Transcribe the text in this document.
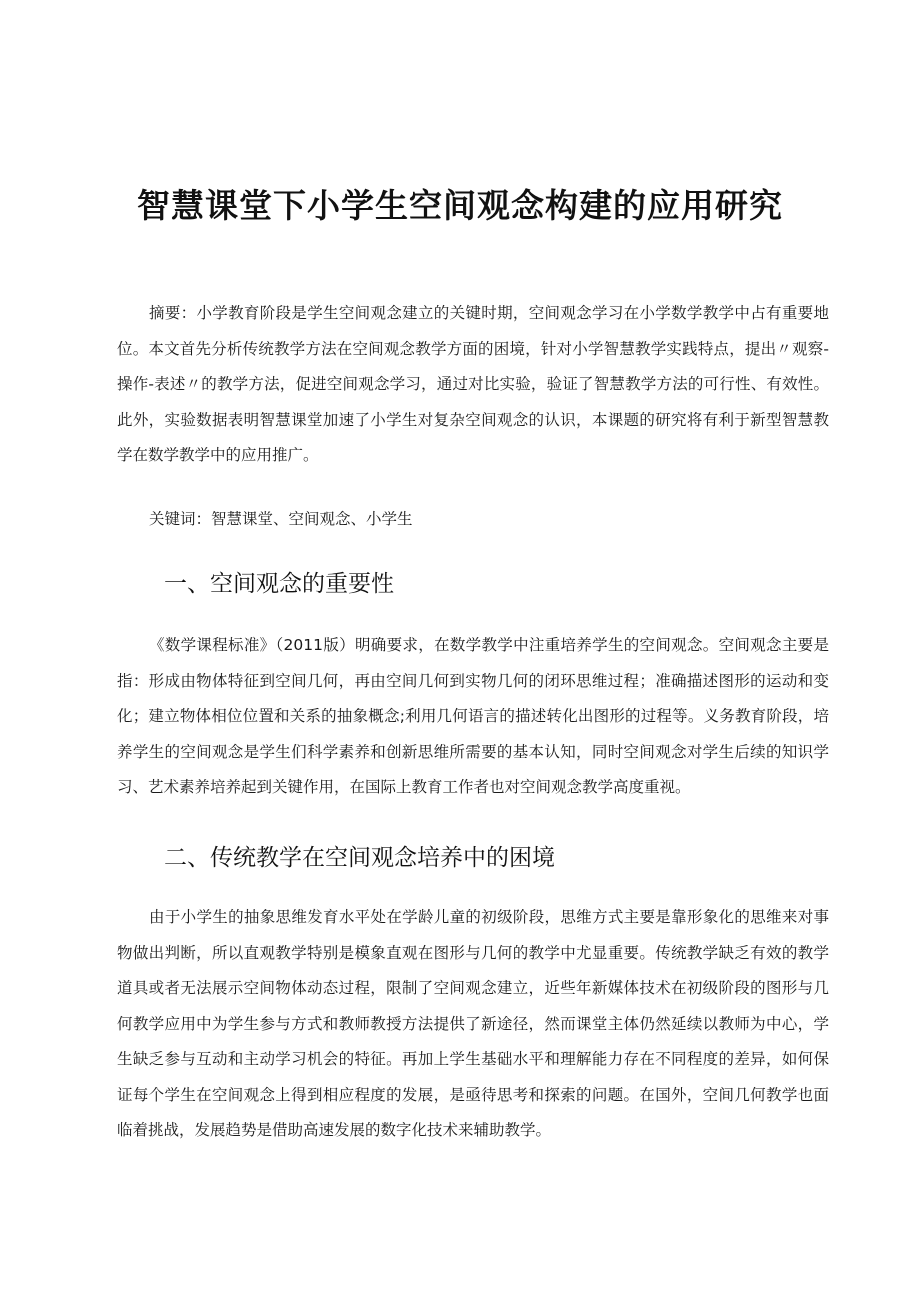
智慧课堂下小学生空间观念构建的应用研究

摘要：小学教育阶段是学生空间观念建立的关键时期，空间观念学习在小学数学教学中占有重要地位。本文首先分析传统教学方法在空间观念教学方面的困境，针对小学智慧教学实践特点，提出〃观察-操作-表述〃的教学方法，促进空间观念学习，通过对比实验，验证了智慧教学方法的可行性、有效性。此外，实验数据表明智慧课堂加速了小学生对复杂空间观念的认识，本课题的研究将有利于新型智慧教学在数学教学中的应用推广。

关键词：智慧课堂、空间观念、小学生

一、空间观念的重要性

《数学课程标准》（2011版）明确要求，在数学教学中注重培养学生的空间观念。空间观念主要是指：形成由物体特征到空间几何，再由空间几何到实物几何的闭环思维过程；准确描述图形的运动和变化；建立物体相位位置和关系的抽象概念;利用几何语言的描述转化出图形的过程等。义务教育阶段，培养学生的空间观念是学生们科学素养和创新思维所需要的基本认知，同时空间观念对学生后续的知识学习、艺术素养培养起到关键作用，在国际上教育工作者也对空间观念教学高度重视。

二、传统教学在空间观念培养中的困境

由于小学生的抽象思维发育水平处在学龄儿童的初级阶段，思维方式主要是靠形象化的思维来对事物做出判断，所以直观教学特别是模象直观在图形与几何的教学中尤显重要。传统教学缺乏有效的教学道具或者无法展示空间物体动态过程，限制了空间观念建立，近些年新媒体技术在初级阶段的图形与几何教学应用中为学生参与方式和教师教授方法提供了新途径，然而课堂主体仍然延续以教师为中心，学生缺乏参与互动和主动学习机会的特征。再加上学生基础水平和理解能力存在不同程度的差异，如何保证每个学生在空间观念上得到相应程度的发展，是亟待思考和探索的问题。在国外，空间几何教学也面临着挑战，发展趋势是借助高速发展的数字化技术来辅助教学。
